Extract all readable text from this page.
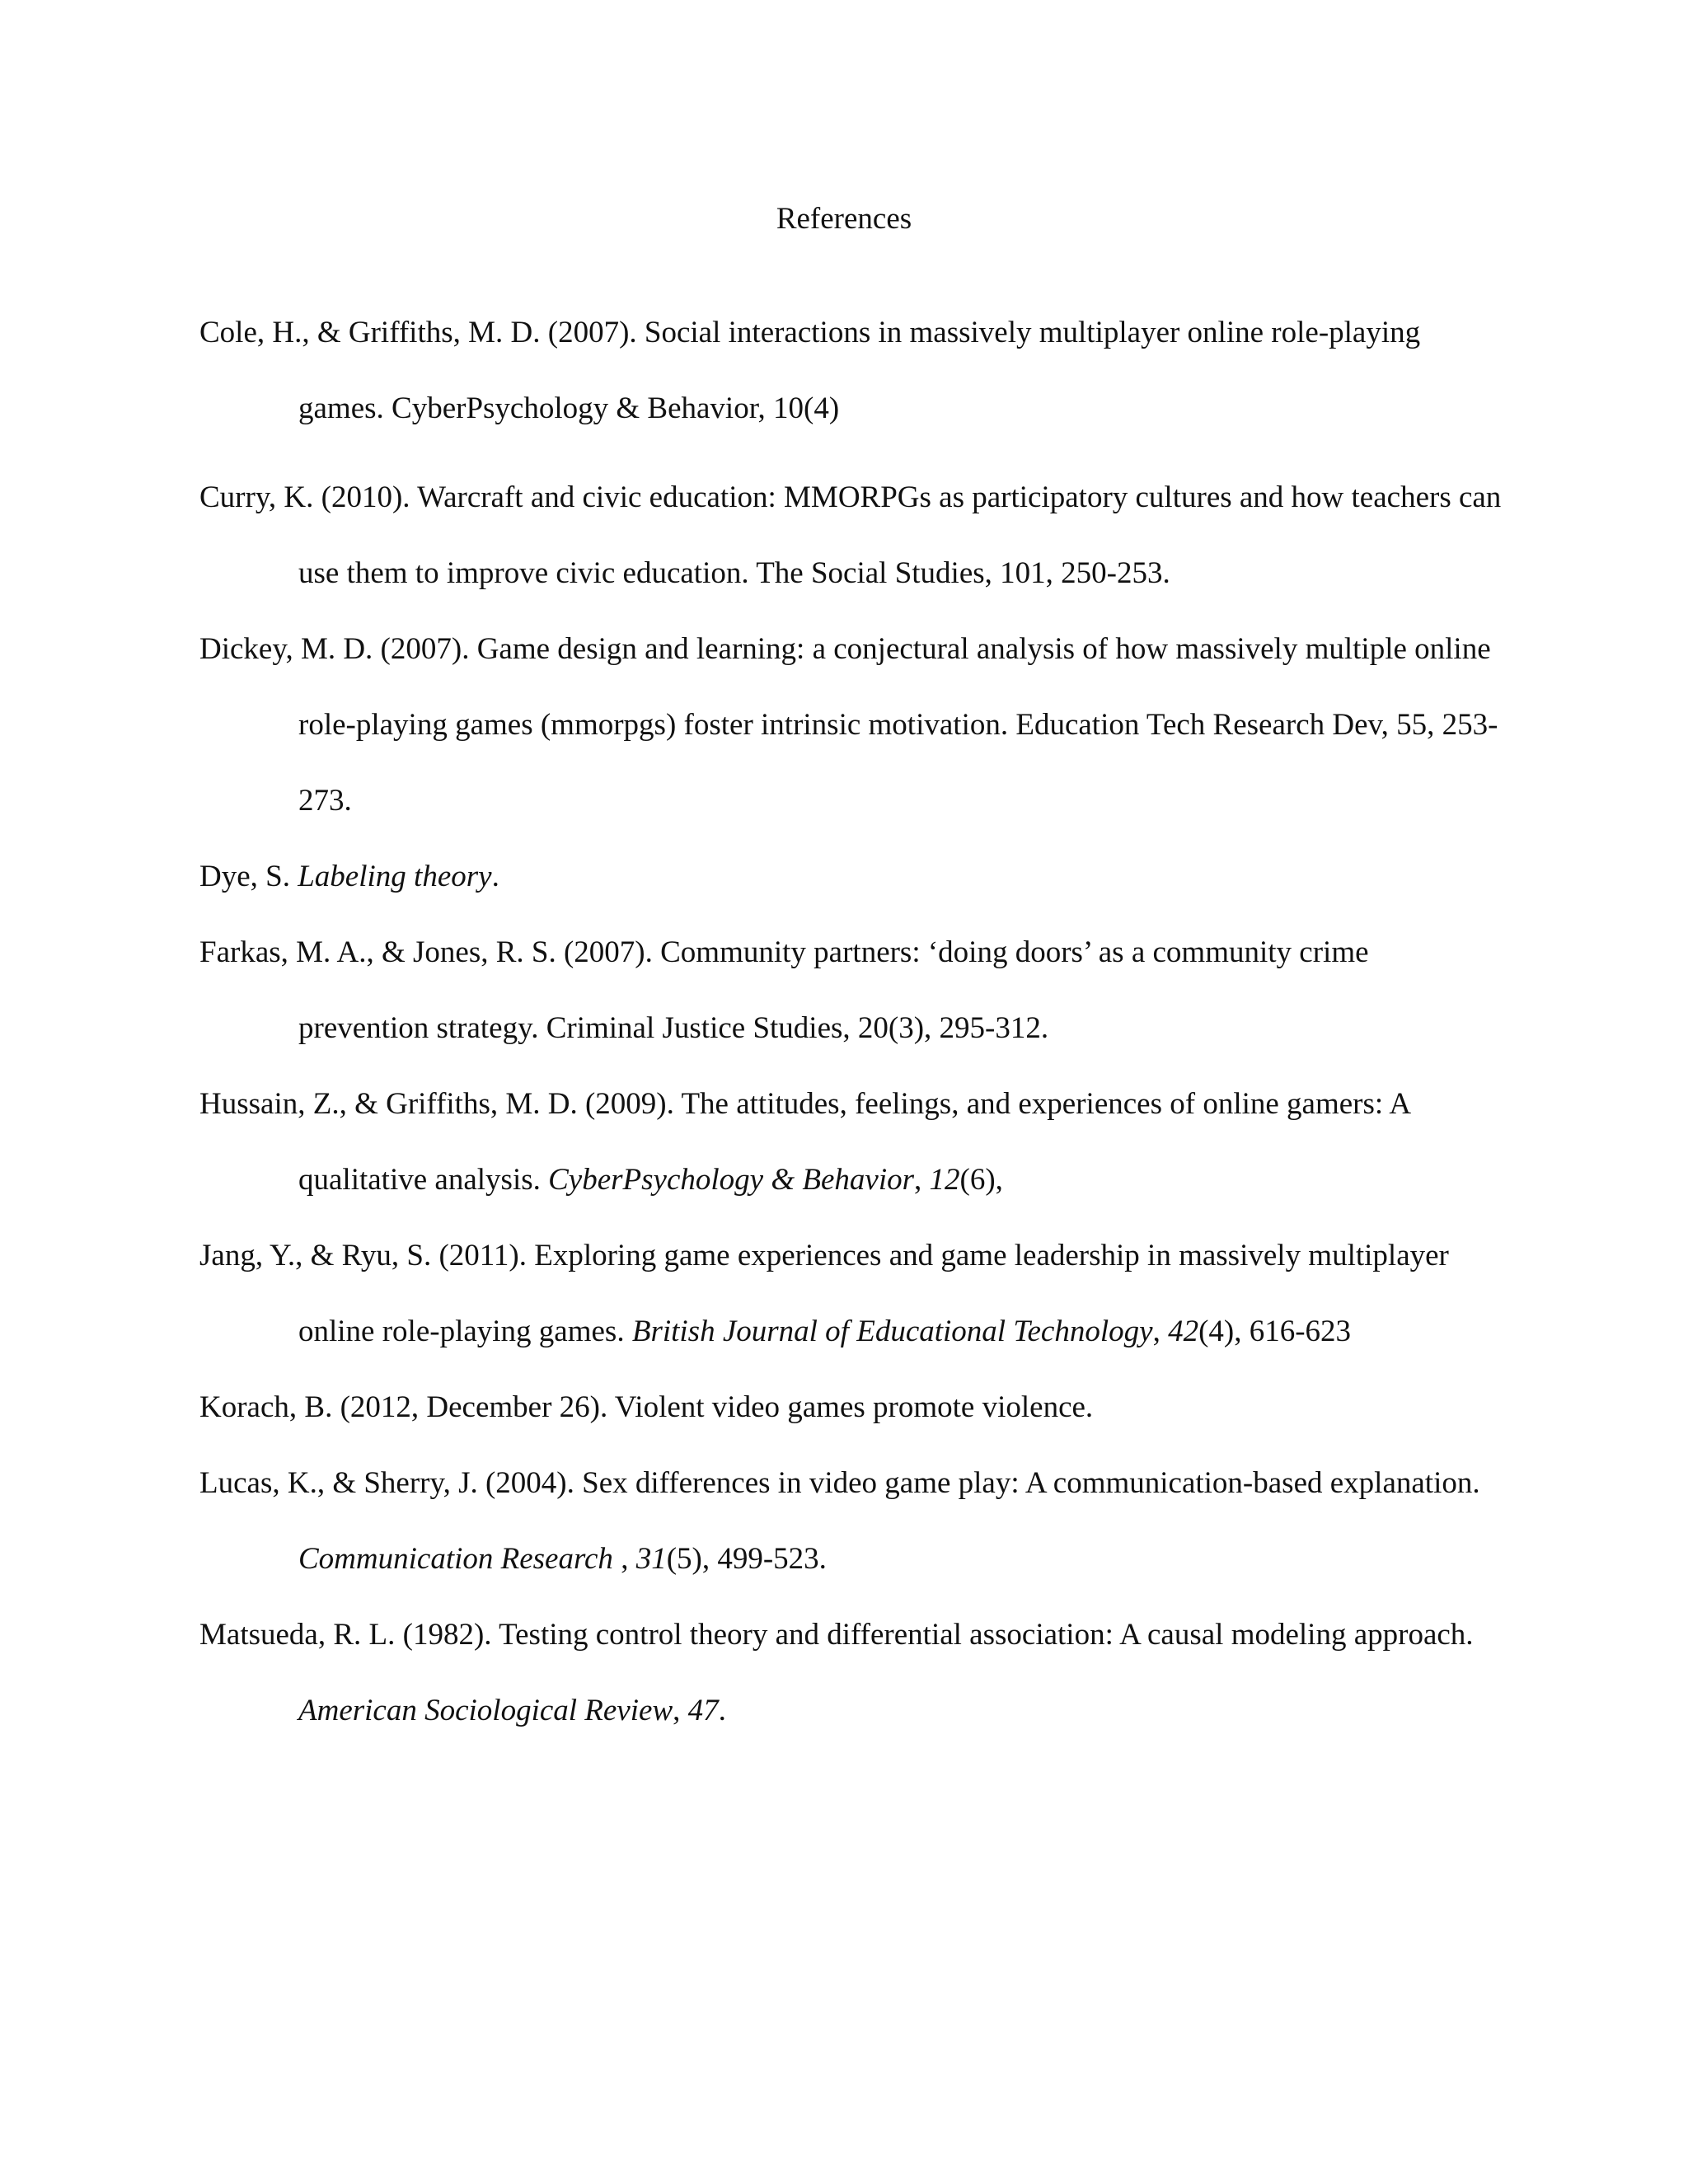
References
Cole, H., & Griffiths, M. D. (2007). Social interactions in massively multiplayer online role-playing games. CyberPsychology & Behavior, 10(4)
Curry, K. (2010). Warcraft and civic education: MMORPGs as participatory cultures and how teachers can use them to improve civic education. The Social Studies, 101, 250-253.
Dickey, M. D. (2007). Game design and learning: a conjectural analysis of how massively multiple online role-playing games (mmorpgs) foster intrinsic motivation. Education Tech Research Dev, 55, 253-273.
Dye, S. Labeling theory.
Farkas, M. A., & Jones, R. S. (2007). Community partners: ‘doing doors’ as a community crime prevention strategy. Criminal Justice Studies, 20(3), 295-312.
Hussain, Z., & Griffiths, M. D. (2009). The attitudes, feelings, and experiences of online gamers: A qualitative analysis. CyberPsychology & Behavior, 12(6),
Jang, Y., & Ryu, S. (2011). Exploring game experiences and game leadership in massively multiplayer online role-playing games. British Journal of Educational Technology, 42(4), 616-623
Korach, B. (2012, December 26). Violent video games promote violence.
Lucas, K., & Sherry, J. (2004). Sex differences in video game play: A communication-based explanation. Communication Research , 31(5), 499-523.
Matsueda, R. L. (1982). Testing control theory and differential association: A causal modeling approach. American Sociological Review, 47.
